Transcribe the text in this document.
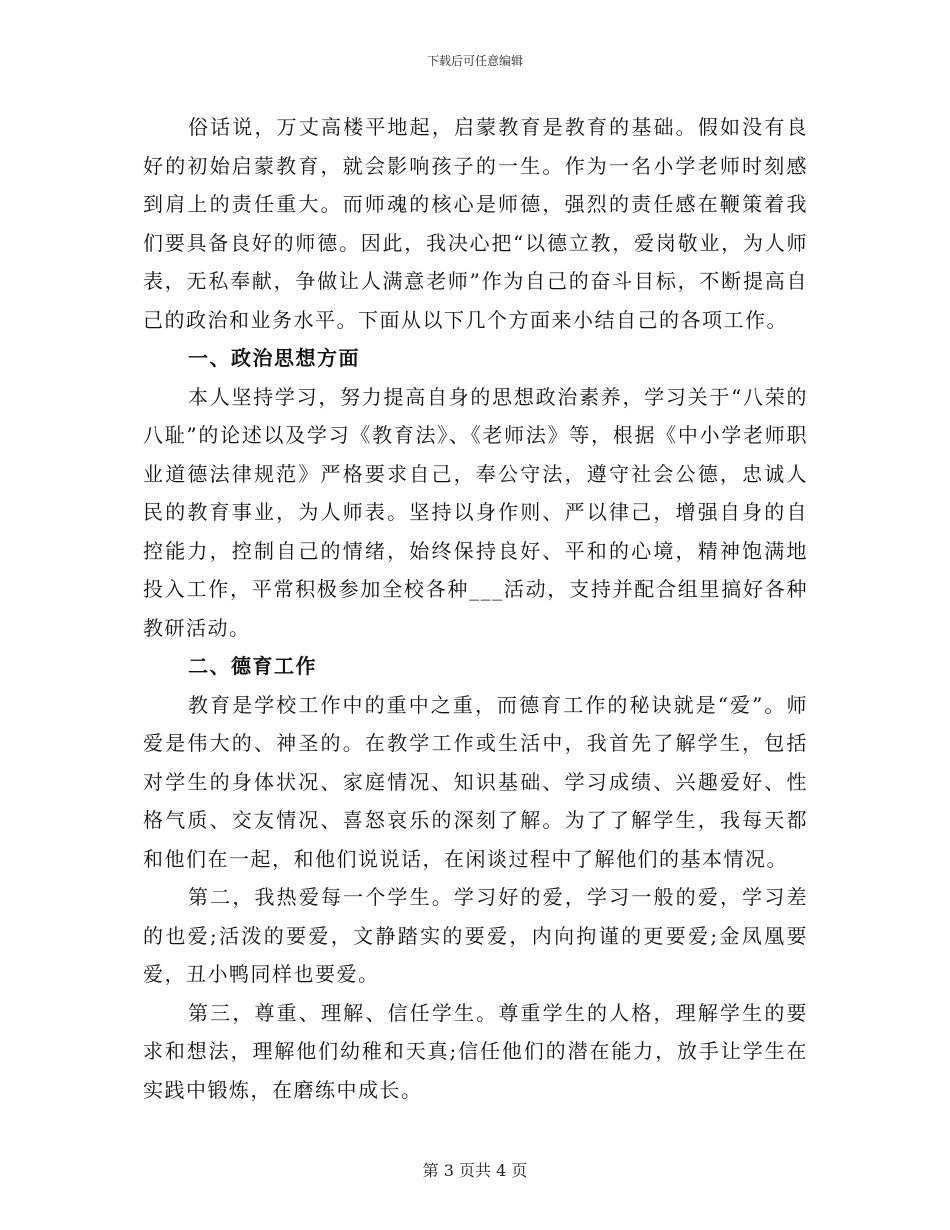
下载后可任意编辑

俗话说，万丈高楼平地起，启蒙教育是教育的基础。假如没有良好的初始启蒙教育，就会影响孩子的一生。作为一名小学老师时刻感到肩上的责任重大。而师魂的核心是师德，强烈的责任感在鞭策着我们要具备良好的师德。因此，我决心把“以德立教，爱岗敬业，为人师表，无私奉献，争做让人满意老师”作为自己的奋斗目标，不断提高自己的政治和业务水平。下面从以下几个方面来小结自己的各项工作。

一、政治思想方面

本人坚持学习，努力提高自身的思想政治素养，学习关于“八荣的八耻”的论述以及学习《教育法》、《老师法》等，根据《中小学老师职业道德法律规范》严格要求自己，奉公守法，遵守社会公德，忠诚人民的教育事业，为人师表。坚持以身作则、严以律己，增强自身的自控能力，控制自己的情绪，始终保持良好、平和的心境，精神饱满地投入工作，平常积极参加全校各种___活动，支持并配合组里搞好各种教研活动。

二、德育工作

教育是学校工作中的重中之重，而德育工作的秘诀就是“爱”。师爱是伟大的、神圣的。在教学工作或生活中，我首先了解学生，包括对学生的身体状况、家庭情况、知识基础、学习成绩、兴趣爱好、性格气质、交友情况、喜怒哀乐的深刻了解。为了了解学生，我每天都和他们在一起，和他们说说话，在闲谈过程中了解他们的基本情况。

第二，我热爱每一个学生。学习好的爱，学习一般的爱，学习差的也爱;活泼的要爱，文静踏实的要爱，内向拘谨的更要爱;金凤凰要爱，丑小鸭同样也要爱。

第三，尊重、理解、信任学生。尊重学生的人格，理解学生的要求和想法，理解他们幼稚和天真;信任他们的潜在能力，放手让学生在实践中锻炼，在磨练中成长。

第 3 页共 4 页
